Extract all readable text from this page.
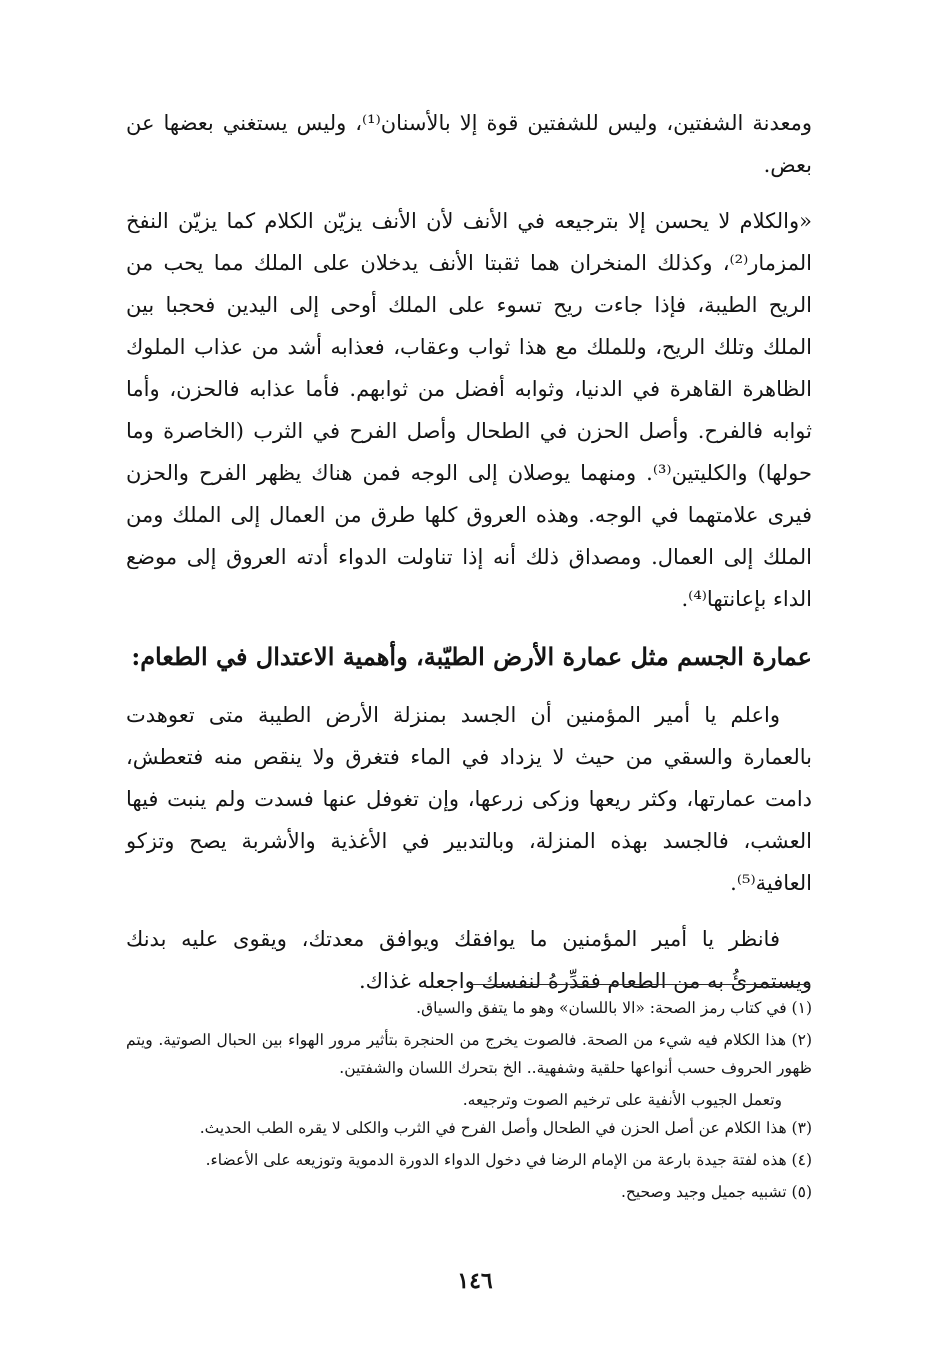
ومعدنة الشفتين، وليس للشفتين قوة إلا بالأسنان⁽¹⁾، وليس يستغني بعضها عن بعض.

«والكلام لا يحسن إلا بترجيعه في الأنف لأن الأنف يزيّن الكلام كما يزيّن النفخ المزمار⁽²⁾، وكذلك المنخران هما ثقبتا الأنف يدخلان على الملك مما يحب من الريح الطيبة، فإذا جاءت ريح تسوء على الملك أوحى إلى اليدين فحجبا بين الملك وتلك الريح، وللملك مع هذا ثواب وعقاب، فعذابه أشد من عذاب الملوك الظاهرة القاهرة في الدنيا، وثوابه أفضل من ثوابهم. فأما عذابه فالحزن، وأما ثوابه فالفرح. وأصل الحزن في الطحال وأصل الفرح في الثرب (الخاصرة وما حولها) والكليتين⁽³⁾. ومنهما يوصلان إلى الوجه فمن هناك يظهر الفرح والحزن فيرى علامتهما في الوجه. وهذه العروق كلها طرق من العمال إلى الملك ومن الملك إلى العمال. ومصداق ذلك أنه إذا تناولت الدواء أدته العروق إلى موضع الداء بإعانتها⁽⁴⁾.

عمارة الجسم مثل عمارة الأرض الطيّبة، وأهمية الاعتدال في الطعام:

واعلم يا أمير المؤمنين أن الجسد بمنزلة الأرض الطيبة متى تعوهدت بالعمارة والسقي من حيث لا يزداد في الماء فتغرق ولا ينقص منه فتعطش، دامت عمارتها، وكثر ريعها وزكى زرعها، وإن تغوفل عنها فسدت ولم ينبت فيها العشب، فالجسد بهذه المنزلة، وبالتدبير في الأغذية والأشربة يصح وتزكو العافية⁽⁵⁾.

فانظر يا أمير المؤمنين ما يوافقك ويوافق معدتك، ويقوى عليه بدنك ويستمرئُ به من الطعام فقدِّرهُ لنفسك واجعله غذاك.

(١) في كتاب رمز الصحة: «الا باللسان» وهو ما يتفق والسياق.

(٢) هذا الكلام فيه شيء من الصحة. فالصوت يخرج من الحنجرة بتأثير مرور الهواء بين الحبال الصوتية. ويتم ظهور الحروف حسب أنواعها حلقية وشفهية.. الخ بتحرك اللسان والشفتين.

وتعمل الجيوب الأنفية على ترخيم الصوت وترجيعه.

(٣) هذا الكلام عن أصل الحزن في الطحال وأصل الفرح في الثرب والكلى لا يقره الطب الحديث.

(٤) هذه لفتة جيدة بارعة من الإمام الرضا في دخول الدواء الدورة الدموية وتوزيعه على الأعضاء.

(٥) تشبيه جميل وجيد وصحيح.

١٤٦
